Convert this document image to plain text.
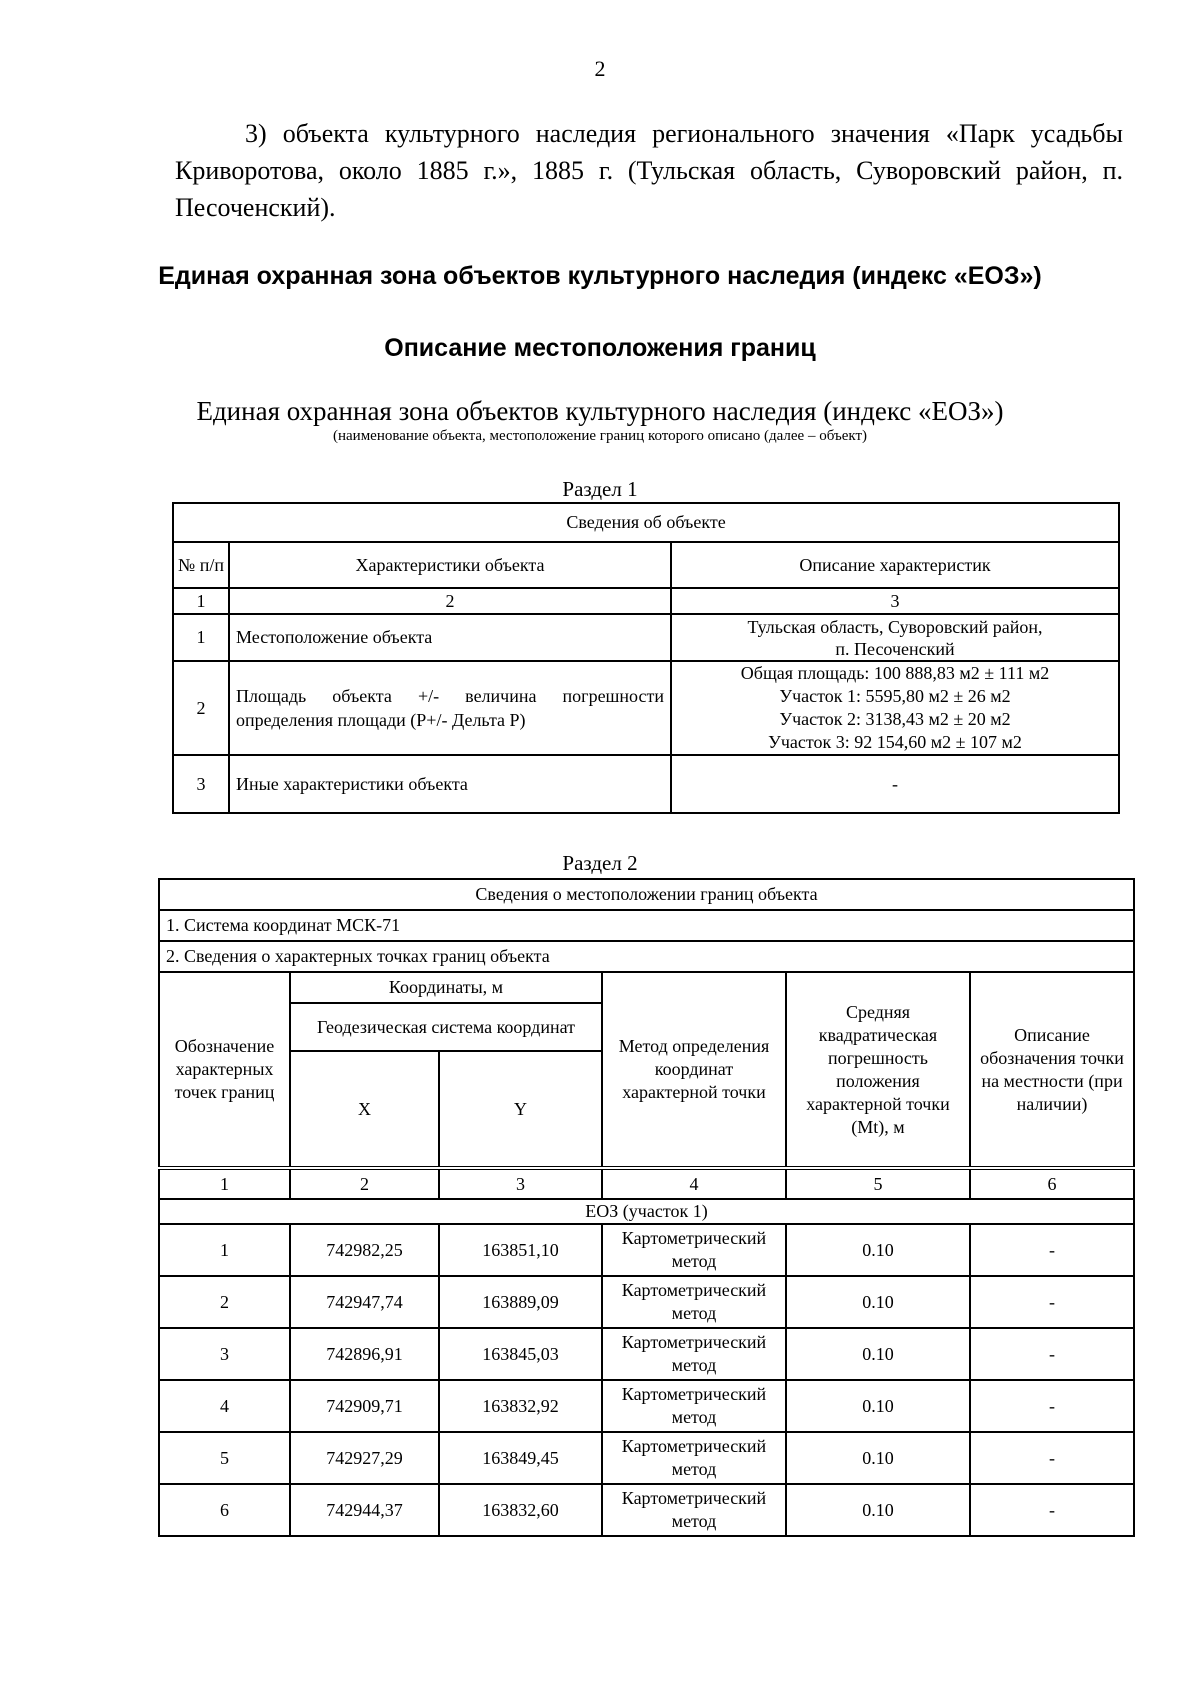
2
3) объекта культурного наследия регионального значения «Парк усадьбы Криворотова, около 1885 г.», 1885 г. (Тульская область, Суворовский район, п. Песоченский).
Единая охранная зона объектов культурного наследия (индекс «ЕОЗ»)
Описание местоположения границ
Единая охранная зона объектов культурного наследия (индекс «ЕОЗ»)
(наименование объекта, местоположение границ которого описано (далее – объект)
Раздел 1
Сведения об объекте		
№ п/п	Характеристики объекта	Описание характеристик
1	2	3
1	Местоположение объекта	Тульская область, Суворовский район,
п. Песоченский

2	Площадь объекта +/- величина погрешности определения площади (Р+/- Дельта Р)	Общая площадь: 100 888,83 м2 ± 111 м2
Участок 1: 5595,80 м2 ± 26 м2
Участок 2: 3138,43 м2 ± 20 м2
Участок 3: 92 154,60 м2 ± 107 м2

3	Иные характеристики объекта	-
Раздел 2
Сведения о местоположении границ объекта					
1. Система координат МСК-71					
2. Сведения о характерных точках границ объекта					
Обозначение характерных точек границ	Координаты, м		Метод определения координат характерной точки	Средняя квадратическая погрешность положения характерной точки (Mt), м	Описание обозначения точки на местности (при наличии)
	Геодезическая система координат				
	X	Y			
1	2	3	4	5	6
ЕОЗ (участок 1)					
1	742982,25	163851,10	Картометрический метод	0.10	-
2	742947,74	163889,09	Картометрический метод	0.10	-
3	742896,91	163845,03	Картометрический метод	0.10	-
4	742909,71	163832,92	Картометрический метод	0.10	-
5	742927,29	163849,45	Картометрический метод	0.10	-
6	742944,37	163832,60	Картометрический метод	0.10	-
